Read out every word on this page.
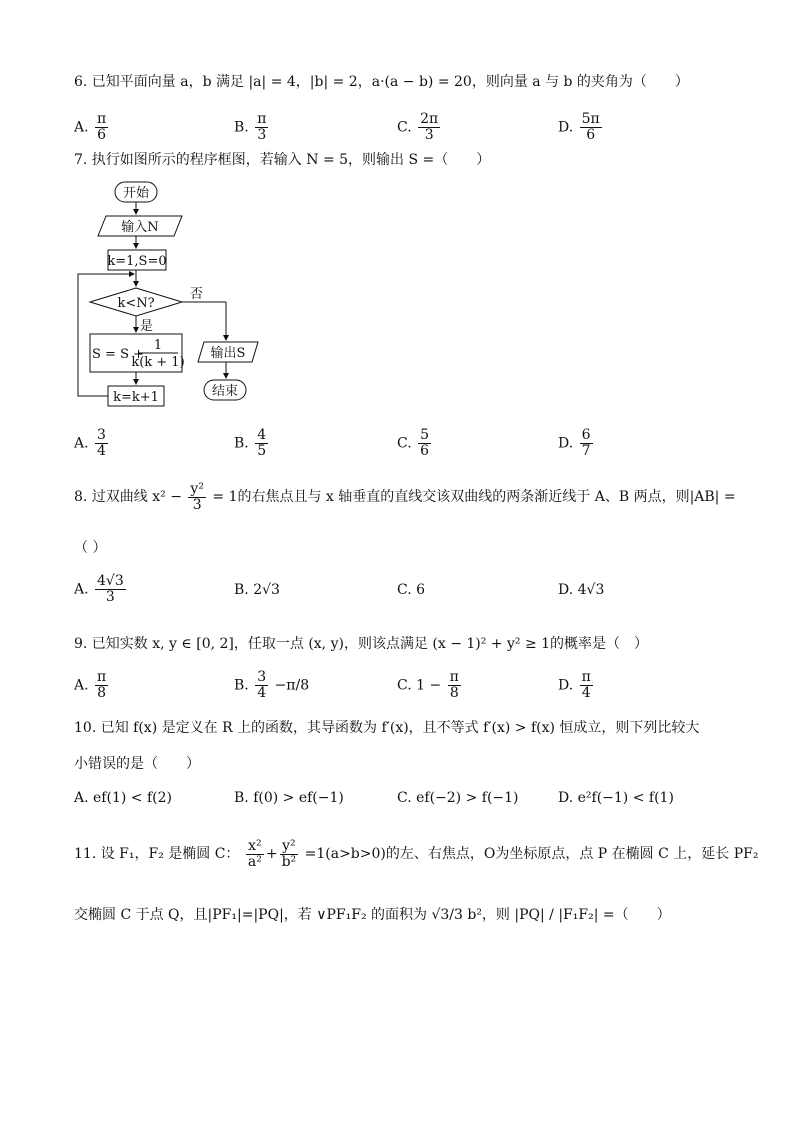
6. 已知平面向量 a，b 满足 |a| = 4，|b| = 2，a·(a − b) = 20，则向量 a 与 b 的夹角为（　　）
A. $\frac{\pi}{6}$	B. $\frac{\pi}{3}$	C. $\frac{2\pi}{3}$	D. $\frac{5\pi}{6}$
7. 执行如图所示的程序框图，若输入 N = 5，则输出 S =（　　）
开始
输入N
k=1,S=0
k<N?
否
是
S = S +
1
k(k + 1)
k=k+1
输出S
结束
A. $\frac{3}{4}$	B. $\frac{4}{5}$	C. $\frac{5}{6}$	D. $\frac{6}{7}$
8. 过双曲线 $x^2 - \frac{\text{y²}}{3} = 1$的右焦点且与 x 轴垂直的直线交该双曲线的两条渐近线于 A、B 两点，则|AB| =
（ ）
A. $\frac{4√3}{3}$	B. 2√3	C. 6	D. 4√3
9. 已知实数 x, y ∈ [0, 2]，任取一点 (x, y)，则该点满足 (x − 1)² + y² ≥ 1的概率是（　）
A. $\frac{\pi}{8}$	B. $\frac{3}{4} -\pi/8$	C. $1 - \frac{\pi}{8}$	D. $\frac{\pi}{4}$
10. 已知 f(x) 是定义在 R 上的函数，其导函数为 f′(x)，且不等式 f′(x) > f(x) 恒成立，则下列比较大
小错误的是（　　）
A. ef(1) < f(2)	B. f(0) > ef(−1)	C. ef(−2) > f(−1)	D. e²f(−1) < f(1)
11. 设 F₁，F₂ 是椭圆 C： $\frac{\text{x²}}{\text{a²}} + \frac{\text{y²}}{\text{b²}} =1(a>b>0)$的左、右焦点，O为坐标原点，点 P 在椭圆 C 上，延长 PF₂
交椭圆 C 于点 Q，且|PF₁|=|PQ|，若 ∨PF₁F₂ 的面积为 √3/3 b²，则 |PQ| / |F₁F₂| =（　　）
